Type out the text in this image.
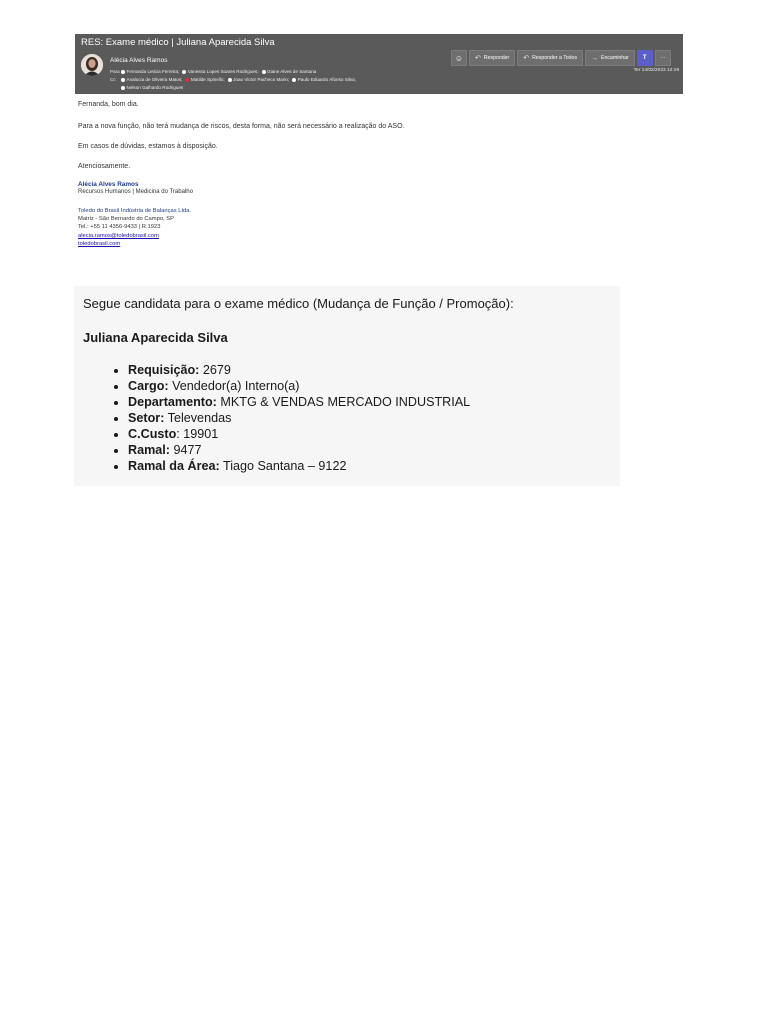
RES: Exame médico | Juliana Aparecida Silva
Alécia Alves Ramos
Para Fernanda Leticia Ferreira; Vanessa Lopes Soares Rodrigues; Giane Alves de Santana
Cc	Analucia de Oliveira Matos; Matilde Spinello; Joao Victor Pacheco Marin; Paulo Eduardo Afonso Silva;
Nelson Galhardo Rodrigues
☺ ↶ Responder ↶ Responder a Todos → Encaminhar T	···
Ter 14/02/2023 12:19
Fernanda, bom dia.
Para a nova função, não terá mudança de riscos, desta forma, não será necessário a realização do ASO.
Em casos de dúvidas, estamos à disposição.
Atenciosamente.
Alécia Alves Ramos
Recursos Humanos | Medicina do Trabalho
Toledo do Brasil Indústria de Balanças Ltda.
Matriz - São Bernardo do Campo, SP
Tel.: +55 11 4356-9433 | R.1923
alecia.ramos@toledobrasil.com
toledobrasil.com
Segue candidata para o exame médico (Mudança de Função / Promoção):
Juliana Aparecida Silva
• Requisição: 2679
• Cargo: Vendedor(a) Interno(a)
• Departamento: MKTG & VENDAS MERCADO INDUSTRIAL
• Setor: Televendas
• C.Custo: 19901
• Ramal: 9477
• Ramal da Área: Tiago Santana – 9122
